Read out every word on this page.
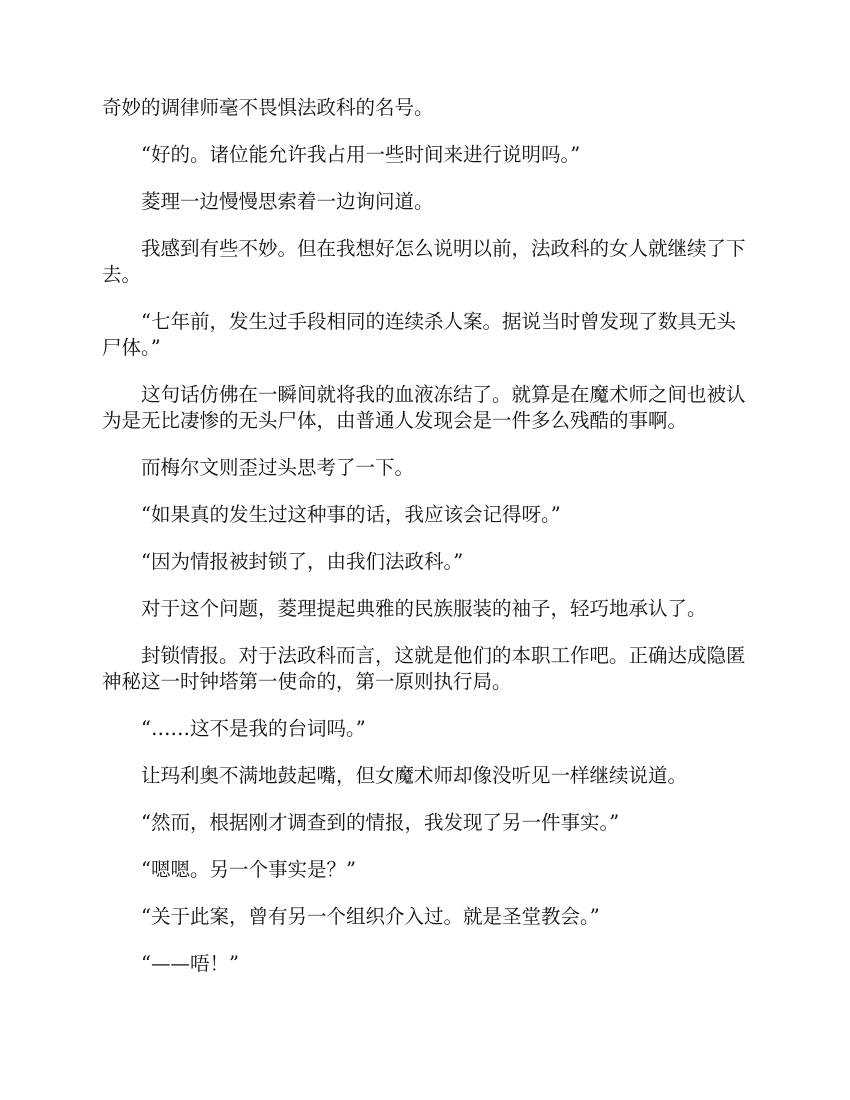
奇妙的调律师毫不畏惧法政科的名号。

“好的。诸位能允许我占用一些时间来进行说明吗。”

菱理一边慢慢思索着一边询问道。

我感到有些不妙。但在我想好怎么说明以前，法政科的女人就继续了下去。

“七年前，发生过手段相同的连续杀人案。据说当时曾发现了数具无头尸体。”

这句话仿佛在一瞬间就将我的血液冻结了。就算是在魔术师之间也被认为是无比凄惨的无头尸体，由普通人发现会是一件多么残酷的事啊。

而梅尔文则歪过头思考了一下。

“如果真的发生过这种事的话，我应该会记得呀。”

“因为情报被封锁了，由我们法政科。”

对于这个问题，菱理提起典雅的民族服装的袖子，轻巧地承认了。

封锁情报。对于法政科而言，这就是他们的本职工作吧。正确达成隐匿神秘这一时钟塔第一使命的，第一原则执行局。

“……这不是我的台词吗。”

让玛利奥不满地鼓起嘴，但女魔术师却像没听见一样继续说道。

“然而，根据刚才调查到的情报，我发现了另一件事实。”

“嗯嗯。另一个事实是？”

“关于此案，曾有另一个组织介入过。就是圣堂教会。”

“——唔！”
